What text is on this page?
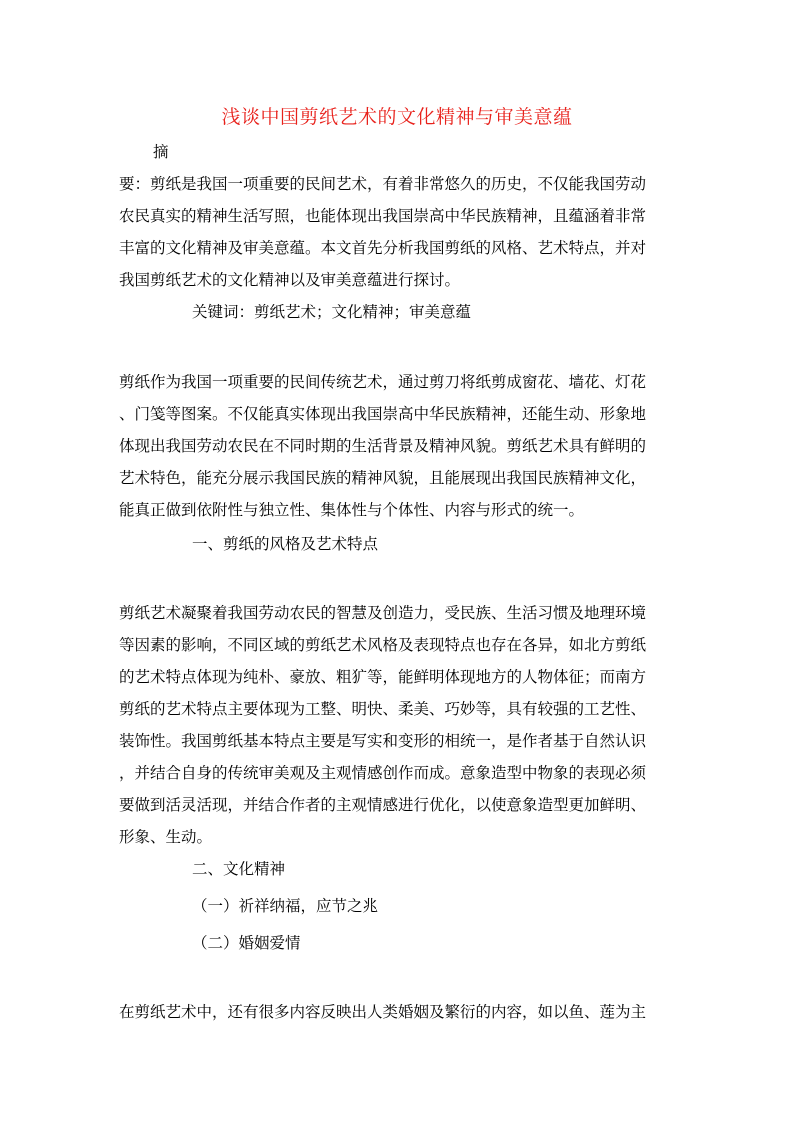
浅谈中国剪纸艺术的文化精神与审美意蕴
摘
要：剪纸是我国一项重要的民间艺术，有着非常悠久的历史，不仅能我国劳动
农民真实的精神生活写照，也能体现出我国崇高中华民族精神，且蕴涵着非常
丰富的文化精神及审美意蕴。本文首先分析我国剪纸的风格、艺术特点，并对
我国剪纸艺术的文化精神以及审美意蕴进行探讨。
关键词：剪纸艺术；文化精神；审美意蕴
剪纸作为我国一项重要的民间传统艺术，通过剪刀将纸剪成窗花、墙花、灯花
、门笺等图案。不仅能真实体现出我国崇高中华民族精神，还能生动、形象地
体现出我国劳动农民在不同时期的生活背景及精神风貌。剪纸艺术具有鲜明的
艺术特色，能充分展示我国民族的精神风貌，且能展现出我国民族精神文化，
能真正做到依附性与独立性、集体性与个体性、内容与形式的统一。
一、剪纸的风格及艺术特点
剪纸艺术凝聚着我国劳动农民的智慧及创造力，受民族、生活习惯及地理环境
等因素的影响，不同区域的剪纸艺术风格及表现特点也存在各异，如北方剪纸
的艺术特点体现为纯朴、豪放、粗犷等，能鲜明体现地方的人物体征；而南方
剪纸的艺术特点主要体现为工整、明快、柔美、巧妙等，具有较强的工艺性、
装饰性。我国剪纸基本特点主要是写实和变形的相统一，是作者基于自然认识
，并结合自身的传统审美观及主观情感创作而成。意象造型中物象的表现必须
要做到活灵活现，并结合作者的主观情感进行优化，以使意象造型更加鲜明、
形象、生动。
二、文化精神
（一）祈祥纳福，应节之兆
（二）婚姻爱情
在剪纸艺术中，还有很多内容反映出人类婚姻及繁衍的内容，如以鱼、莲为主
